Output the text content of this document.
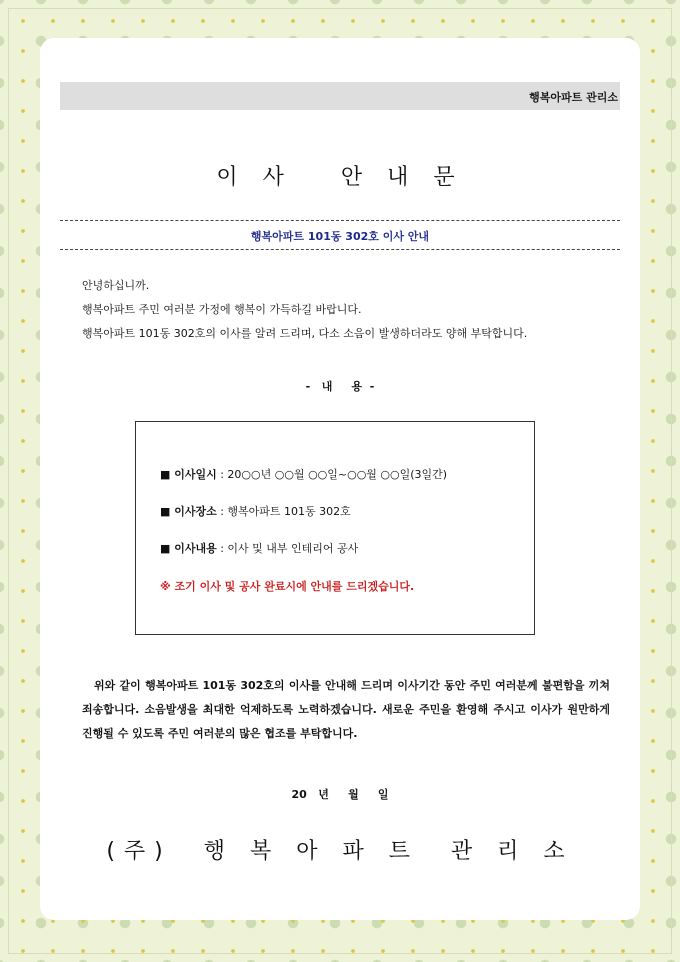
행복아파트 관리소
이 사   안 내 문
행복아파트 101동 302호 이사 안내
안녕하십니까.
행복아파트 주민 여러분 가정에 행복이 가득하길 바랍니다.
행복아파트 101동 302호의 이사를 알려 드리며, 다소 소음이 발생하더라도 양해 부탁합니다.
-   내     용  -
■ 이사일시 : 20○○년 ○○월 ○○일~○○월 ○○일(3일간)
■ 이사장소 : 행복아파트 101동 302호
■ 이사내용 : 이사 및 내부 인테리어 공사
※ 조기 이사 및 공사 완료시에 안내를 드리겠습니다.
위와 같이 행복아파트 101동 302호의 이사를 안내해 드리며 이사기간 동안 주민 여러분께 불편함을 끼쳐 죄송합니다. 소음발생을 최대한 억제하도록 노력하겠습니다. 새로운 주민을 환영해 주시고 이사가 원만하게 진행될 수 있도록 주민 여러분의 많은 협조를 부탁합니다.
20   년     월     일
(주)  행 복 아 파 트  관 리 소
